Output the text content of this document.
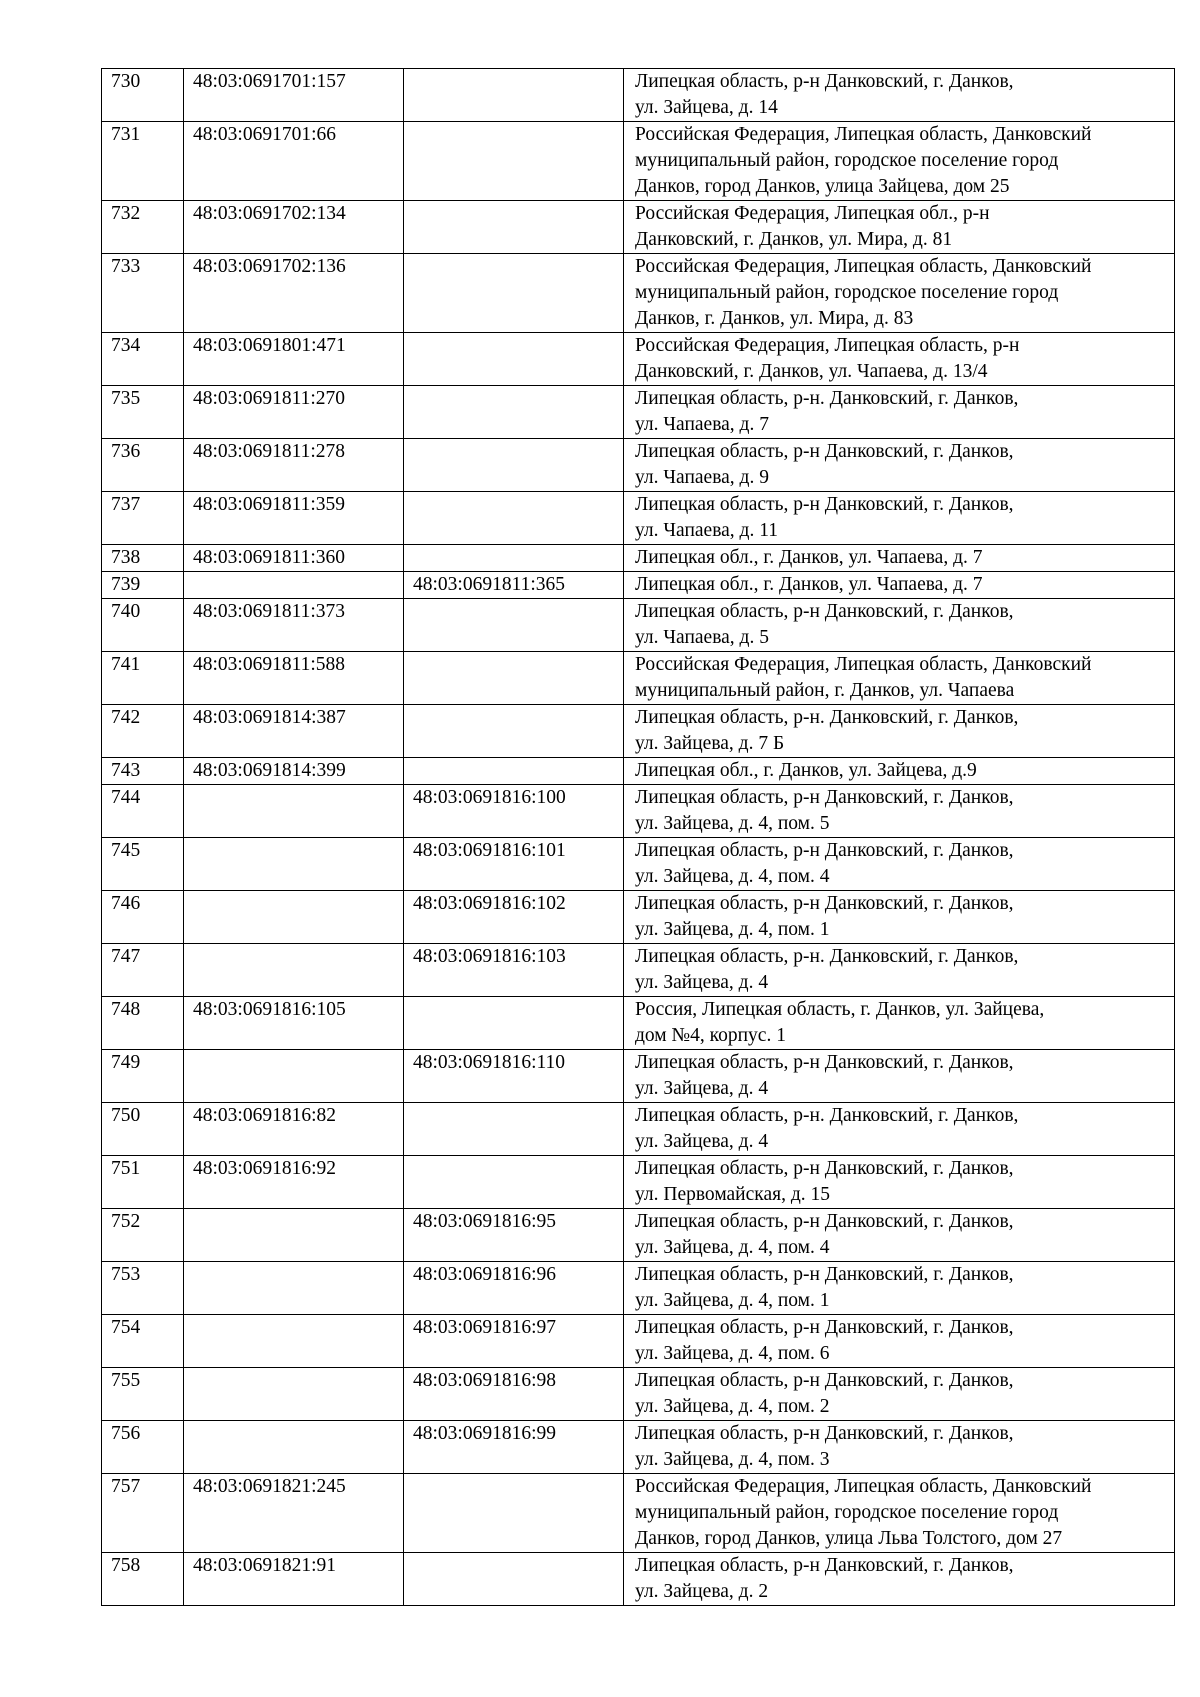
730	48:03:0691701:157		Липецкая область, р-н Данковский, г. Данков,
ул. Зайцева, д. 14

731	48:03:0691701:66		Российская Федерация, Липецкая область, Данковский
муниципальный район, городское поселение город
Данков, город Данков, улица Зайцева, дом 25

732	48:03:0691702:134		Российская Федерация, Липецкая обл., р-н
Данковский, г. Данков, ул. Мира, д. 81

733	48:03:0691702:136		Российская Федерация, Липецкая область, Данковский
муниципальный район, городское поселение город
Данков, г. Данков, ул. Мира, д. 83

734	48:03:0691801:471		Российская Федерация, Липецкая область, р-н
Данковский, г. Данков, ул. Чапаева, д. 13/4

735	48:03:0691811:270		Липецкая область, р-н. Данковский, г. Данков,
ул. Чапаева, д. 7

736	48:03:0691811:278		Липецкая область, р-н Данковский, г. Данков,
ул. Чапаева, д. 9

737	48:03:0691811:359		Липецкая область, р-н Данковский, г. Данков,
ул. Чапаева, д. 11

738	48:03:0691811:360		Липецкая обл., г. Данков, ул. Чапаева, д. 7

739		48:03:0691811:365	Липецкая обл., г. Данков, ул. Чапаева, д. 7

740	48:03:0691811:373		Липецкая область, р-н Данковский, г. Данков,
ул. Чапаева, д. 5

741	48:03:0691811:588		Российская Федерация, Липецкая область, Данковский
муниципальный район, г. Данков, ул. Чапаева

742	48:03:0691814:387		Липецкая область, р-н. Данковский, г. Данков,
ул. Зайцева, д. 7 Б

743	48:03:0691814:399		Липецкая обл., г. Данков, ул. Зайцева, д.9

744		48:03:0691816:100	Липецкая область, р-н Данковский, г. Данков,
ул. Зайцева, д. 4, пом. 5

745		48:03:0691816:101	Липецкая область, р-н Данковский, г. Данков,
ул. Зайцева, д. 4, пом. 4

746		48:03:0691816:102	Липецкая область, р-н Данковский, г. Данков,
ул. Зайцева, д. 4, пом. 1

747		48:03:0691816:103	Липецкая область, р-н. Данковский, г. Данков,
ул. Зайцева, д. 4

748	48:03:0691816:105		Россия, Липецкая область, г. Данков, ул. Зайцева,
дом №4, корпус. 1

749		48:03:0691816:110	Липецкая область, р-н Данковский, г. Данков,
ул. Зайцева, д. 4

750	48:03:0691816:82		Липецкая область, р-н. Данковский, г. Данков,
ул. Зайцева, д. 4

751	48:03:0691816:92		Липецкая область, р-н Данковский, г. Данков,
ул. Первомайская, д. 15

752		48:03:0691816:95	Липецкая область, р-н Данковский, г. Данков,
ул. Зайцева, д. 4, пом. 4

753		48:03:0691816:96	Липецкая область, р-н Данковский, г. Данков,
ул. Зайцева, д. 4, пом. 1

754		48:03:0691816:97	Липецкая область, р-н Данковский, г. Данков,
ул. Зайцева, д. 4, пом. 6

755		48:03:0691816:98	Липецкая область, р-н Данковский, г. Данков,
ул. Зайцева, д. 4, пом. 2

756		48:03:0691816:99	Липецкая область, р-н Данковский, г. Данков,
ул. Зайцева, д. 4, пом. 3

757	48:03:0691821:245		Российская Федерация, Липецкая область, Данковский
муниципальный район, городское поселение город
Данков, город Данков, улица Льва Толстого, дом 27

758	48:03:0691821:91		Липецкая область, р-н Данковский, г. Данков,
ул. Зайцева, д. 2
